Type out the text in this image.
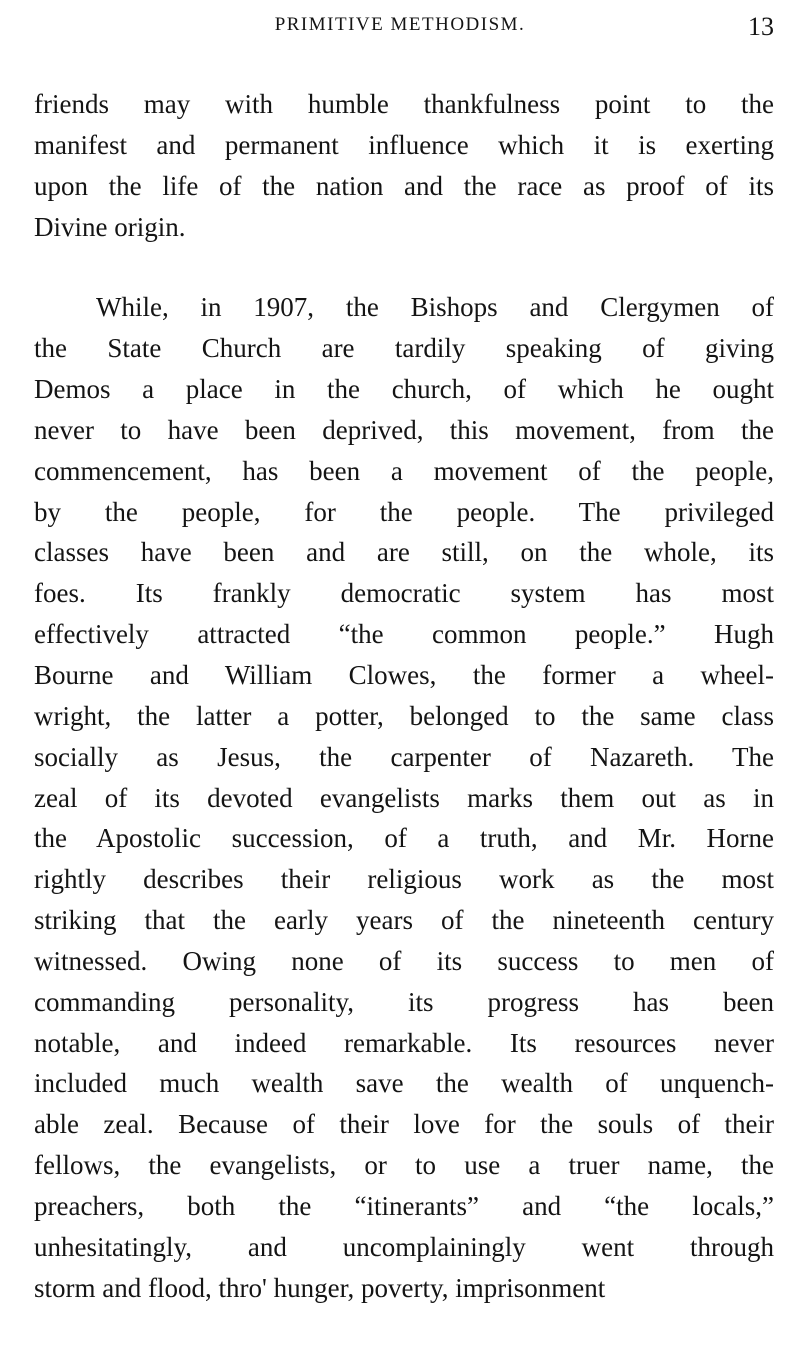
PRIMITIVE METHODISM.	13

friends may with humble thankfulness point to the
manifest and permanent influence which it is exerting
upon the life of the nation and the race as proof of its
Divine origin.

While, in 1907, the Bishops and Clergymen of
the State Church are tardily speaking of giving
Demos a place in the church, of which he ought
never to have been deprived, this movement, from the
commencement, has been a movement of the people,
by the people, for the people. The privileged
classes have been and are still, on the whole, its
foes. Its frankly democratic system has most
effectively attracted “the common people.” Hugh
Bourne and William Clowes, the former a wheel-
wright, the latter a potter, belonged to the same class
socially as Jesus, the carpenter of Nazareth. The
zeal of its devoted evangelists marks them out as in
the Apostolic succession, of a truth, and Mr. Horne
rightly describes their religious work as the most
striking that the early years of the nineteenth century
witnessed. Owing none of its success to men of
commanding personality, its progress has been
notable, and indeed remarkable. Its resources never
included much wealth save the wealth of unquench-
able zeal. Because of their love for the souls of their
fellows, the evangelists, or to use a truer name, the
preachers, both the “itinerants” and “the locals,”
unhesitatingly, and uncomplainingly went through
storm and flood, thro' hunger, poverty, imprisonment
